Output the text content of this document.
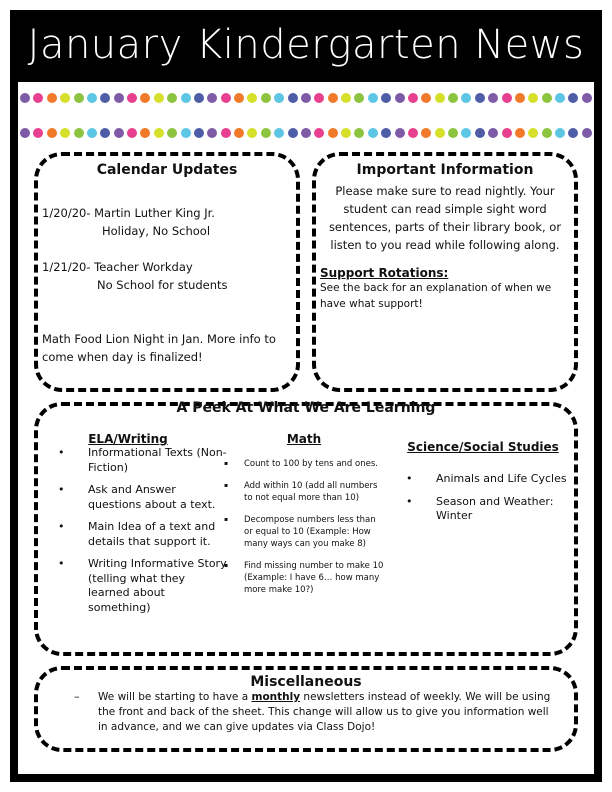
January Kindergarten News
Calendar Updates
1/20/20- Martin Luther King Jr.
Holiday, No School
1/21/20- Teacher Workday
No School for students
Math Food Lion Night in Jan. More info to come when day is finalized!
Important Information
Please make sure to read nightly. Your student can read simple sight word sentences, parts of their library book, or listen to you read while following along.
Support Rotations:
See the back for an explanation of when we have what support!
A Peek At What We Are Learning
ELA/Writing
• Informational Texts (Non-Fiction)
• Ask and Answer questions about a text.
• Main Idea of a text and details that support it.
• Writing Informative Story (telling what they learned about something)
Math
▪ Count to 100 by tens and ones.
▪ Add within 10 (add all numbers to not equal more than 10)
▪ Decompose numbers less than or equal to 10 (Example: How many ways can you make 8)
▪ Find missing number to make 10 (Example: I have 6… how many more make 10?)
Science/Social Studies
• Animals and Life Cycles
• Season and Weather: Winter
Miscellaneous
– We will be starting to have a monthly newsletters instead of weekly. We will be using the front and back of the sheet. This change will allow us to give you information well in advance, and we can give updates via Class Dojo!
